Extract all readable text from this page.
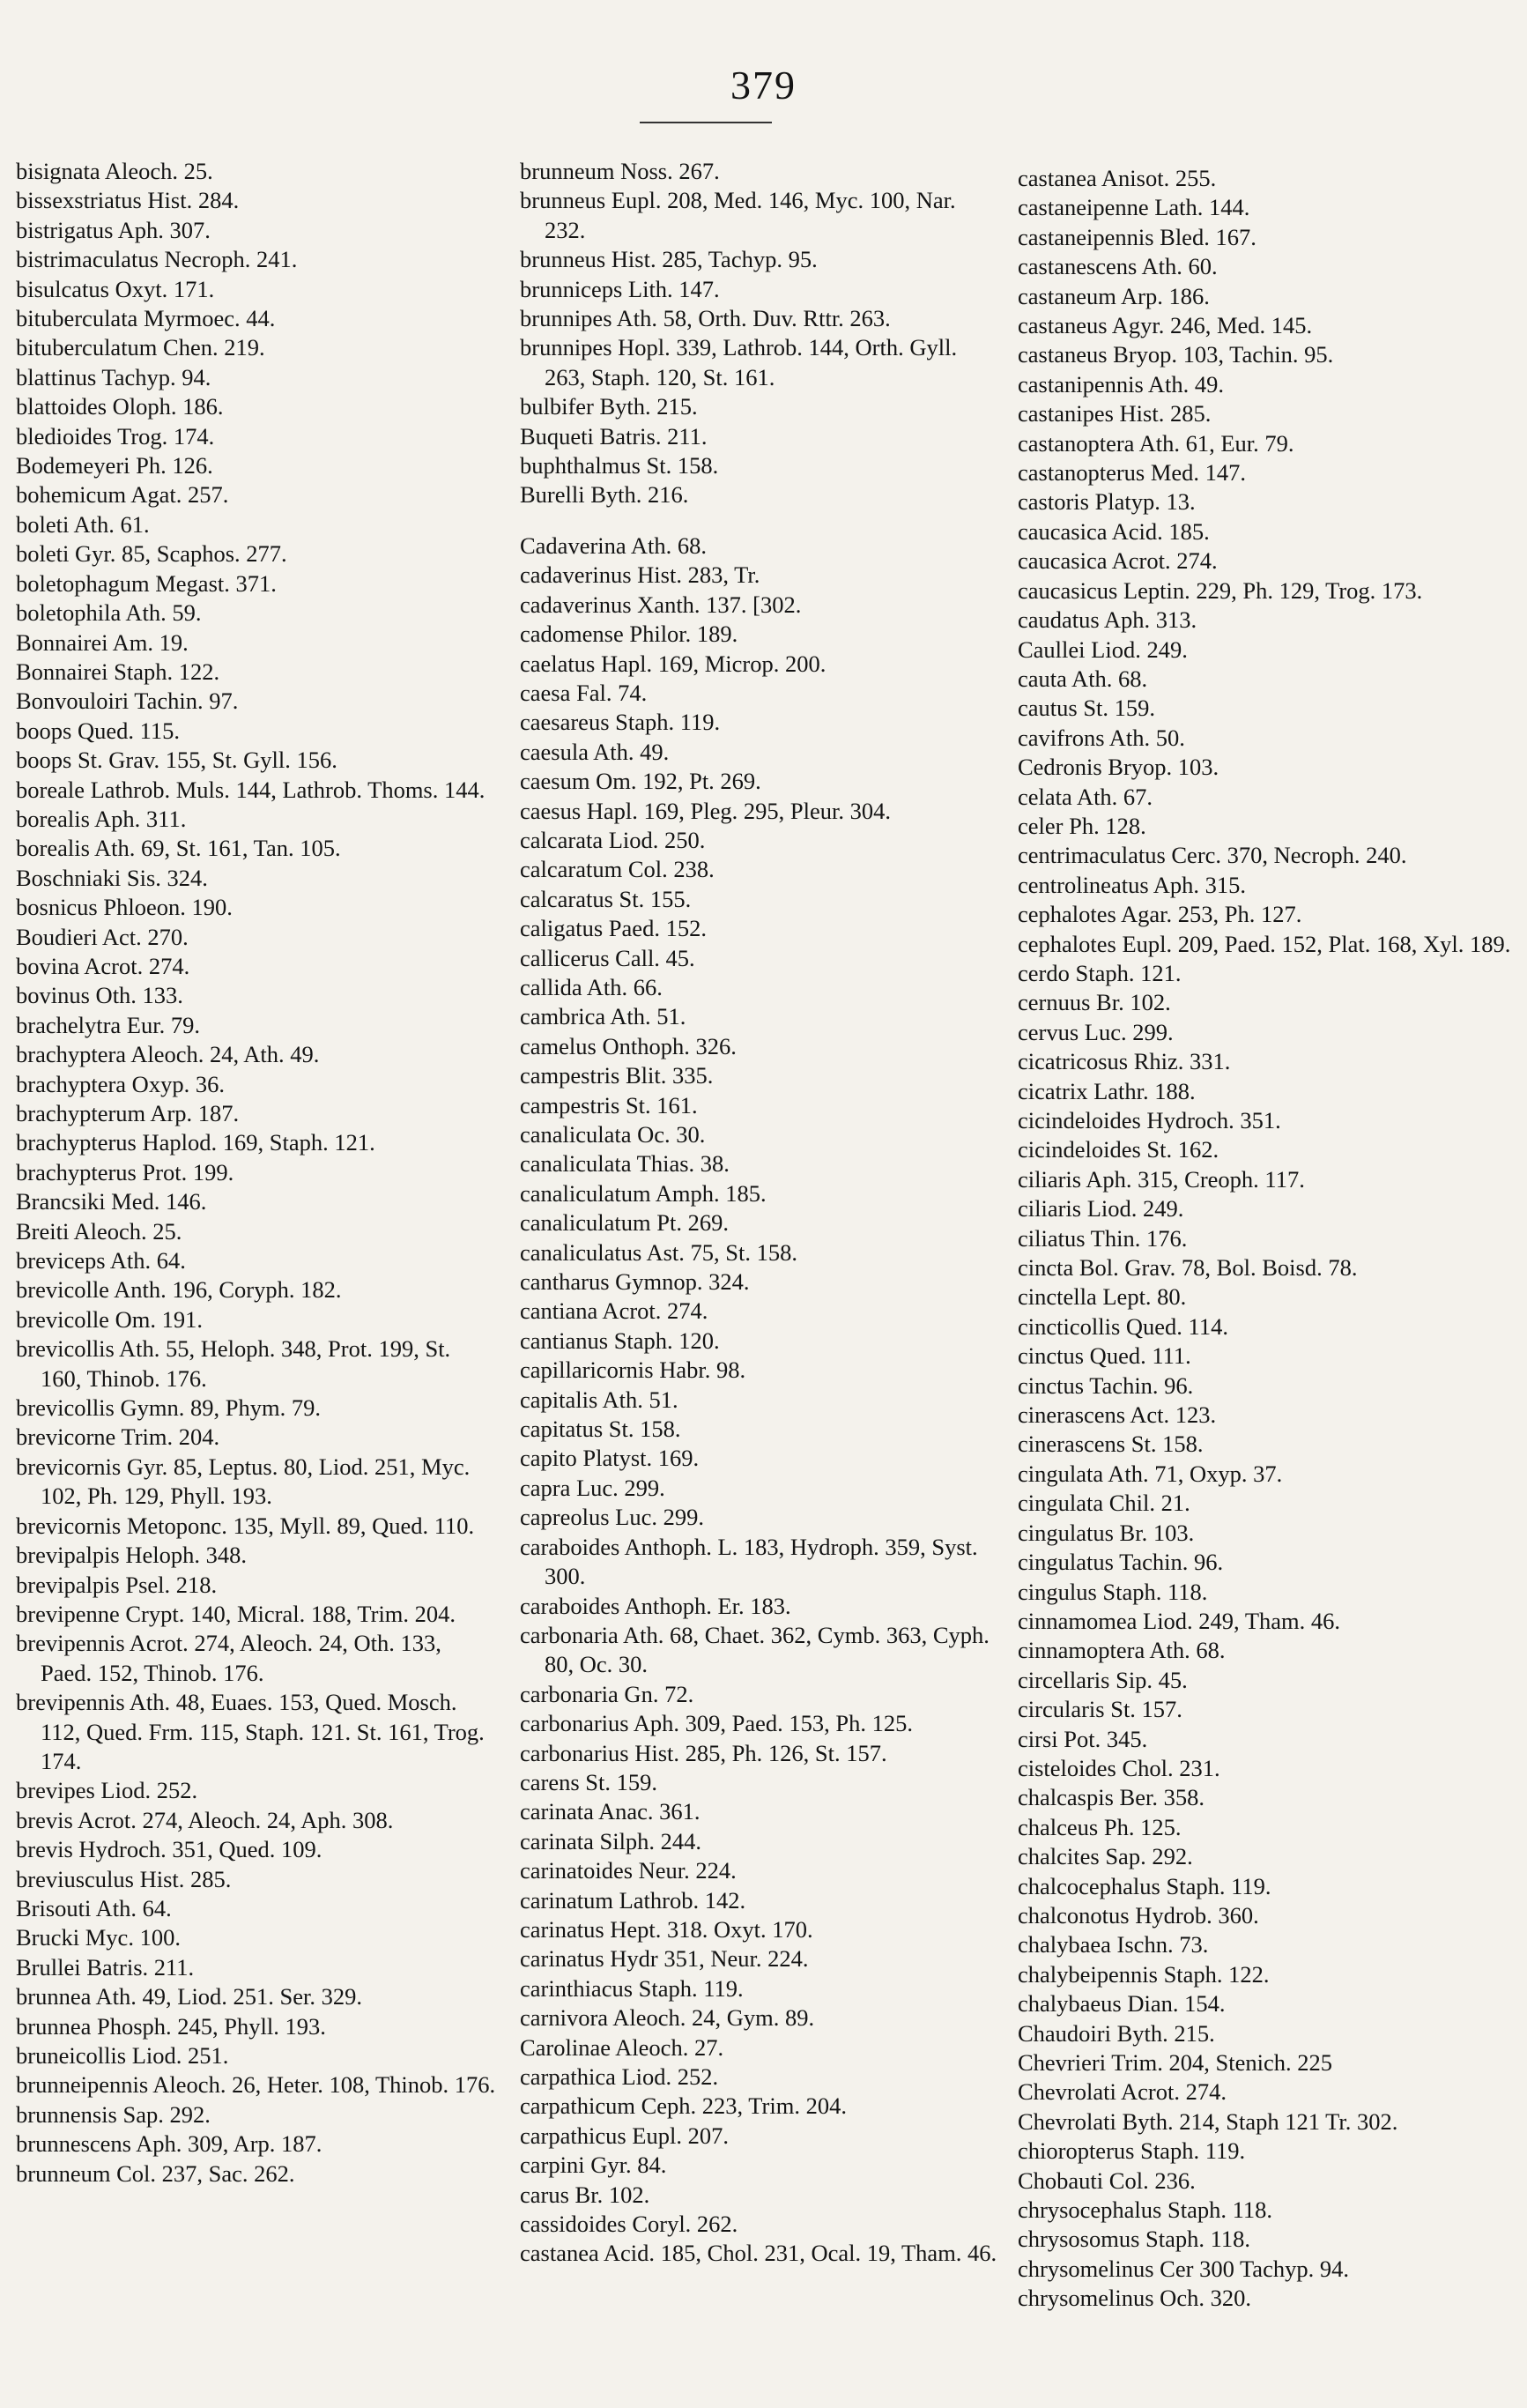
379
bisignata Aleoch. 25.
bissexstriatus Hist. 284.
bistrigatus Aph. 307.
bistrimaculatus Necroph. 241.
bisulcatus Oxyt. 171.
bituberculata Myrmoec. 44.
bituberculatum Chen. 219.
blattinus Tachyp. 94.
blattoides Oloph. 186.
bledioides Trog. 174.
Bodemeyeri Ph. 126.
bohemicum Agat. 257.
boleti Ath. 61.
boleti Gyr. 85, Scaphos. 277.
boletophagum Megast. 371.
boletophila Ath. 59.
Bonnairei Am. 19.
Bonnairei Staph. 122.
Bonvouloiri Tachin. 97.
boops Qued. 115.
boops St. Grav. 155, St. Gyll. 156.
boreale Lathrob. Muls. 144, Lathrob. Thoms. 144.
borealis Aph. 311.
borealis Ath. 69, St. 161, Tan. 105.
Boschniaki Sis. 324.
bosnicus Phloeon. 190.
Boudieri Act. 270.
bovina Acrot. 274.
bovinus Oth. 133.
brachelytra Eur. 79.
brachyptera Aleoch. 24, Ath. 49.
brachyptera Oxyp. 36.
brachypterum Arp. 187.
brachypterus Haplod. 169, Staph. 121.
brachypterus Prot. 199.
Brancsiki Med. 146.
Breiti Aleoch. 25.
breviceps Ath. 64.
brevicolle Anth. 196, Coryph. 182.
brevicolle Om. 191.
brevicollis Ath. 55, Heloph. 348, Prot. 199, St. 160, Thinob. 176.
brevicollis Gymn. 89, Phym. 79.
brevicorne Trim. 204.
brevicornis Gyr. 85, Leptus. 80, Liod. 251, Myc. 102, Ph. 129, Phyll. 193.
brevicornis Metoponc. 135, Myll. 89, Qued. 110.
brevipalpis Heloph. 348.
brevipalpis Psel. 218.
brevipenne Crypt. 140, Micral. 188, Trim. 204.
brevipennis Acrot. 274, Aleoch. 24, Oth. 133, Paed. 152, Thinob. 176.
brevipennis Ath. 48, Euaes. 153, Qued. Mosch. 112, Qued. Frm. 115, Staph. 121. St. 161, Trog. 174.
brevipes Liod. 252.
brevis Acrot. 274, Aleoch. 24, Aph. 308.
brevis Hydroch. 351, Qued. 109.
breviusculus Hist. 285.
Brisouti Ath. 64.
Brucki Myc. 100.
Brullei Batris. 211.
brunnea Ath. 49, Liod. 251. Ser. 329.
brunnea Phosph. 245, Phyll. 193.
bruneicollis Liod. 251.
brunneipennis Aleoch. 26, Heter. 108, Thinob. 176.
brunnensis Sap. 292.
brunnescens Aph. 309, Arp. 187.
brunneum Col. 237, Sac. 262.
brunneum Noss. 267.
brunneus Eupl. 208, Med. 146, Myc. 100, Nar. 232.
brunneus Hist. 285, Tachyp. 95.
brunniceps Lith. 147.
brunnipes Ath. 58, Orth. Duv. Rttr. 263.
brunnipes Hopl. 339, Lathrob. 144, Orth. Gyll. 263, Staph. 120, St. 161.
bulbifer Byth. 215.
Buqueti Batris. 211.
buphthalmus St. 158.
Burelli Byth. 216.
Cadaverina Ath. 68.
cadaverinus Hist. 283, Tr.
cadaverinus Xanth. 137. [302.
cadomense Philor. 189.
caelatus Hapl. 169, Microp. 200.
caesa Fal. 74.
caesareus Staph. 119.
caesula Ath. 49.
caesum Om. 192, Pt. 269.
caesus Hapl. 169, Pleg. 295, Pleur. 304.
calcarata Liod. 250.
calcaratum Col. 238.
calcaratus St. 155.
caligatus Paed. 152.
callicerus Call. 45.
callida Ath. 66.
cambrica Ath. 51.
camelus Onthoph. 326.
campestris Blit. 335.
campestris St. 161.
canaliculata Oc. 30.
canaliculata Thias. 38.
canaliculatum Amph. 185.
canaliculatum Pt. 269.
canaliculatus Ast. 75, St. 158.
cantharus Gymnop. 324.
cantiana Acrot. 274.
cantianus Staph. 120.
capillaricornis Habr. 98.
capitalis Ath. 51.
capitatus St. 158.
capito Platyst. 169.
capra Luc. 299.
capreolus Luc. 299.
caraboides Anthoph. L. 183, Hydroph. 359, Syst. 300.
caraboides Anthoph. Er. 183.
carbonaria Ath. 68, Chaet. 362, Cymb. 363, Cyph. 80, Oc. 30.
carbonaria Gn. 72.
carbonarius Aph. 309, Paed. 153, Ph. 125.
carbonarius Hist. 285, Ph. 126, St. 157.
carens St. 159.
carinata Anac. 361.
carinata Silph. 244.
carinatoides Neur. 224.
carinatum Lathrob. 142.
carinatus Hept. 318. Oxyt. 170.
carinatus Hydr 351, Neur. 224.
carinthiacus Staph. 119.
carnivora Aleoch. 24, Gym. 89.
Carolinae Aleoch. 27.
carpathica Liod. 252.
carpathicum Ceph. 223, Trim. 204.
carpathicus Eupl. 207.
carpini Gyr. 84.
carus Br. 102.
cassidoides Coryl. 262.
castanea Acid. 185, Chol. 231, Ocal. 19, Tham. 46.
castanea Anisot. 255.
castaneipenne Lath. 144.
castaneipennis Bled. 167.
castanescens Ath. 60.
castaneum Arp. 186.
castaneus Agyr. 246, Med. 145.
castaneus Bryop. 103, Tachin. 95.
castanipennis Ath. 49.
castanipes Hist. 285.
castanoptera Ath. 61, Eur. 79.
castanopterus Med. 147.
castoris Platyp. 13.
caucasica Acid. 185.
caucasica Acrot. 274.
caucasicus Leptin. 229, Ph. 129, Trog. 173.
caudatus Aph. 313.
Caullei Liod. 249.
cauta Ath. 68.
cautus St. 159.
cavifrons Ath. 50.
Cedronis Bryop. 103.
celata Ath. 67.
celer Ph. 128.
centrimaculatus Cerc. 370, Necroph. 240.
centrolineatus Aph. 315.
cephalotes Agar. 253, Ph. 127.
cephalotes Eupl. 209, Paed. 152, Plat. 168, Xyl. 189.
cerdo Staph. 121.
cernuus Br. 102.
cervus Luc. 299.
cicatricosus Rhiz. 331.
cicatrix Lathr. 188.
cicindeloides Hydroch. 351.
cicindeloides St. 162.
ciliaris Aph. 315, Creoph. 117.
ciliaris Liod. 249.
ciliatus Thin. 176.
cincta Bol. Grav. 78, Bol. Boisd. 78.
cinctella Lept. 80.
cincticollis Qued. 114.
cinctus Qued. 111.
cinctus Tachin. 96.
cinerascens Act. 123.
cinerascens St. 158.
cingulata Ath. 71, Oxyp. 37.
cingulata Chil. 21.
cingulatus Br. 103.
cingulatus Tachin. 96.
cingulus Staph. 118.
cinnamomea Liod. 249, Tham. 46.
cinnamoptera Ath. 68.
circellaris Sip. 45.
circularis St. 157.
cirsi Pot. 345.
cisteloides Chol. 231.
chalcaspis Ber. 358.
chalceus Ph. 125.
chalcites Sap. 292.
chalcocephalus Staph. 119.
chalconotus Hydrob. 360.
chalybaea Ischn. 73.
chalybeipennis Staph. 122.
chalybaeus Dian. 154.
Chaudoiri Byth. 215.
Chevrieri Trim. 204, Stenich. 225
Chevrolati Acrot. 274.
Chevrolati Byth. 214, Staph 121 Tr. 302.
chioropterus Staph. 119.
Chobauti Col. 236.
chrysocephalus Staph. 118.
chrysosomus Staph. 118.
chrysomelinus Cer 300 Tachyp. 94.
chrysomelinus Och. 320.
